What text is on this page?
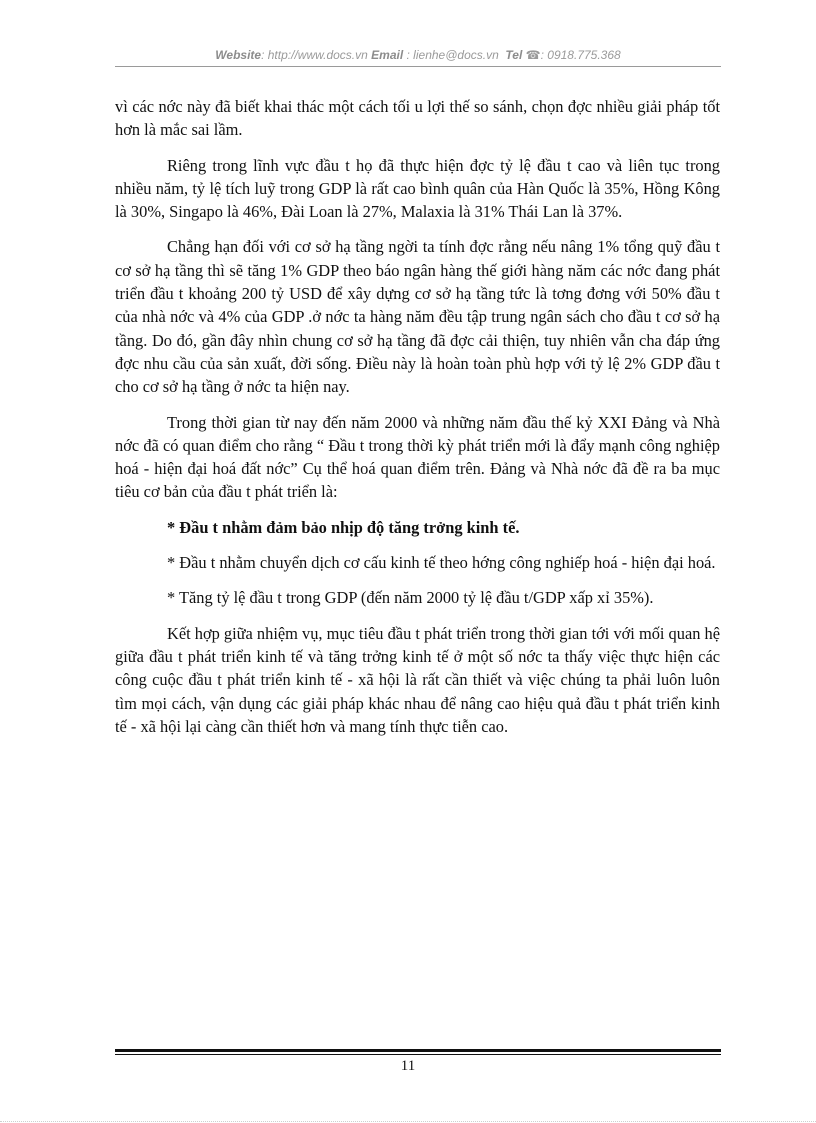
Website: http://www.docs.vn Email : lienhe@docs.vn Tel ☎: 0918.775.368

vì các nớc này đã biết khai thác một cách tối u lợi thế so sánh, chọn đợc nhiều giải pháp tốt hơn là mắc sai lầm.

Riêng trong lĩnh vực đầu t họ đã thực hiện đợc tỷ lệ đầu t cao và liên tục trong nhiều năm, tỷ lệ tích luỹ trong GDP là rất cao bình quân của Hàn Quốc là 35%, Hồng Kông là 30%, Singapo là 46%, Đài Loan là 27%, Malaxia là 31% Thái Lan là 37%.

Chẳng hạn đối với cơ sở hạ tầng ngời ta tính đợc rằng nếu nâng 1% tổng quỹ đầu t cơ sở hạ tầng thì sẽ tăng 1% GDP theo báo ngân hàng thế giới hàng năm các nớc đang phát triển đầu t khoảng 200 tỷ USD để xây dựng cơ sở hạ tầng tức là tơng đơng với 50% đầu t của nhà nớc và 4% của GDP .ở nớc ta hàng năm đều tập trung ngân sách cho đầu t cơ sở hạ tầng. Do đó, gần đây nhìn chung cơ sở hạ tầng đã đợc cải thiện, tuy nhiên vẫn cha đáp ứng đợc nhu cầu của sản xuất, đời sống. Điều này là hoàn toàn phù hợp với tỷ lệ 2% GDP đầu t cho cơ sở hạ tầng ở nớc ta hiện nay.

Trong thời gian từ nay đến năm 2000 và những năm đầu thế kỷ XXI Đảng và Nhà nớc đã có quan điểm cho rằng “ Đầu t trong thời kỳ phát triển mới là đẩy mạnh công nghiệp hoá - hiện đại hoá đất nớc” Cụ thể hoá quan điểm trên. Đảng và Nhà nớc đã đề ra ba mục tiêu cơ bản của đầu t phát triển là:

* Đầu t nhằm đảm bảo nhịp độ tăng trởng kinh tế.

* Đầu t nhằm chuyển dịch cơ cấu kinh tế theo hớng công nghiếp hoá - hiện đại hoá.

* Tăng tỷ lệ đầu t trong GDP (đến năm 2000 tỷ lệ đầu t/GDP xấp xỉ 35%).

Kết hợp giữa nhiệm vụ, mục tiêu đầu t phát triển trong thời gian tới với mối quan hệ giữa đầu t phát triển kinh tế và tăng trởng kinh tế ở một số nớc ta thấy việc thực hiện các công cuộc đầu t phát triển kinh tế - xã hội là rất cần thiết và việc chúng ta phải luôn luôn tìm mọi cách, vận dụng các giải pháp khác nhau để nâng cao hiệu quả đầu t phát triển kinh tế - xã hội lại càng cần thiết hơn và mang tính thực tiễn cao.

11
